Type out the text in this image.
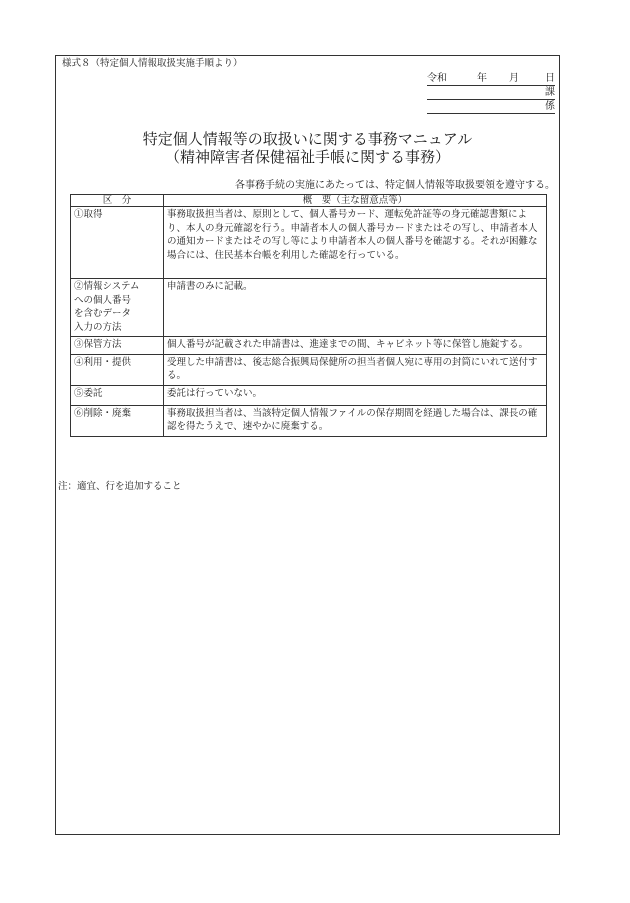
様式８（特定個人情報取扱実施手順より）
令和	年 月	日
課
係
特定個人情報等の取扱いに関する事務マニュアル
（精神障害者保健福祉手帳に関する事務）
各事務手続の実施にあたっては、特定個人情報等取扱要領を遵守する。
区　分	概　要（主な留意点等）
①取得	事務取扱担当者は、原則として、個人番号カード、運転免許証等の身元確認書類により、本人の身元確認を行う。申請者本人の個人番号カードまたはその写し、申請者本人の通知カードまたはその写し等により申請者本人の個人番号を確認する。それが困難な場合には、住民基本台帳を利用した確認を行っている。
②情報システム
への個人番号
を含むデータ
入力の方法	申請書のみに記載。
③保管方法	個人番号が記載された申請書は、進達までの間、キャビネット等に保管し施錠する。
④利用・提供	受理した申請書は、後志総合振興局保健所の担当者個人宛に専用の封筒にいれて送付する。
⑤委託	委託は行っていない。
⑥削除・廃棄	事務取扱担当者は、当該特定個人情報ファイルの保存期間を経過した場合は、課長の確認を得たうえで、速やかに廃棄する。
注：適宜、行を追加すること
